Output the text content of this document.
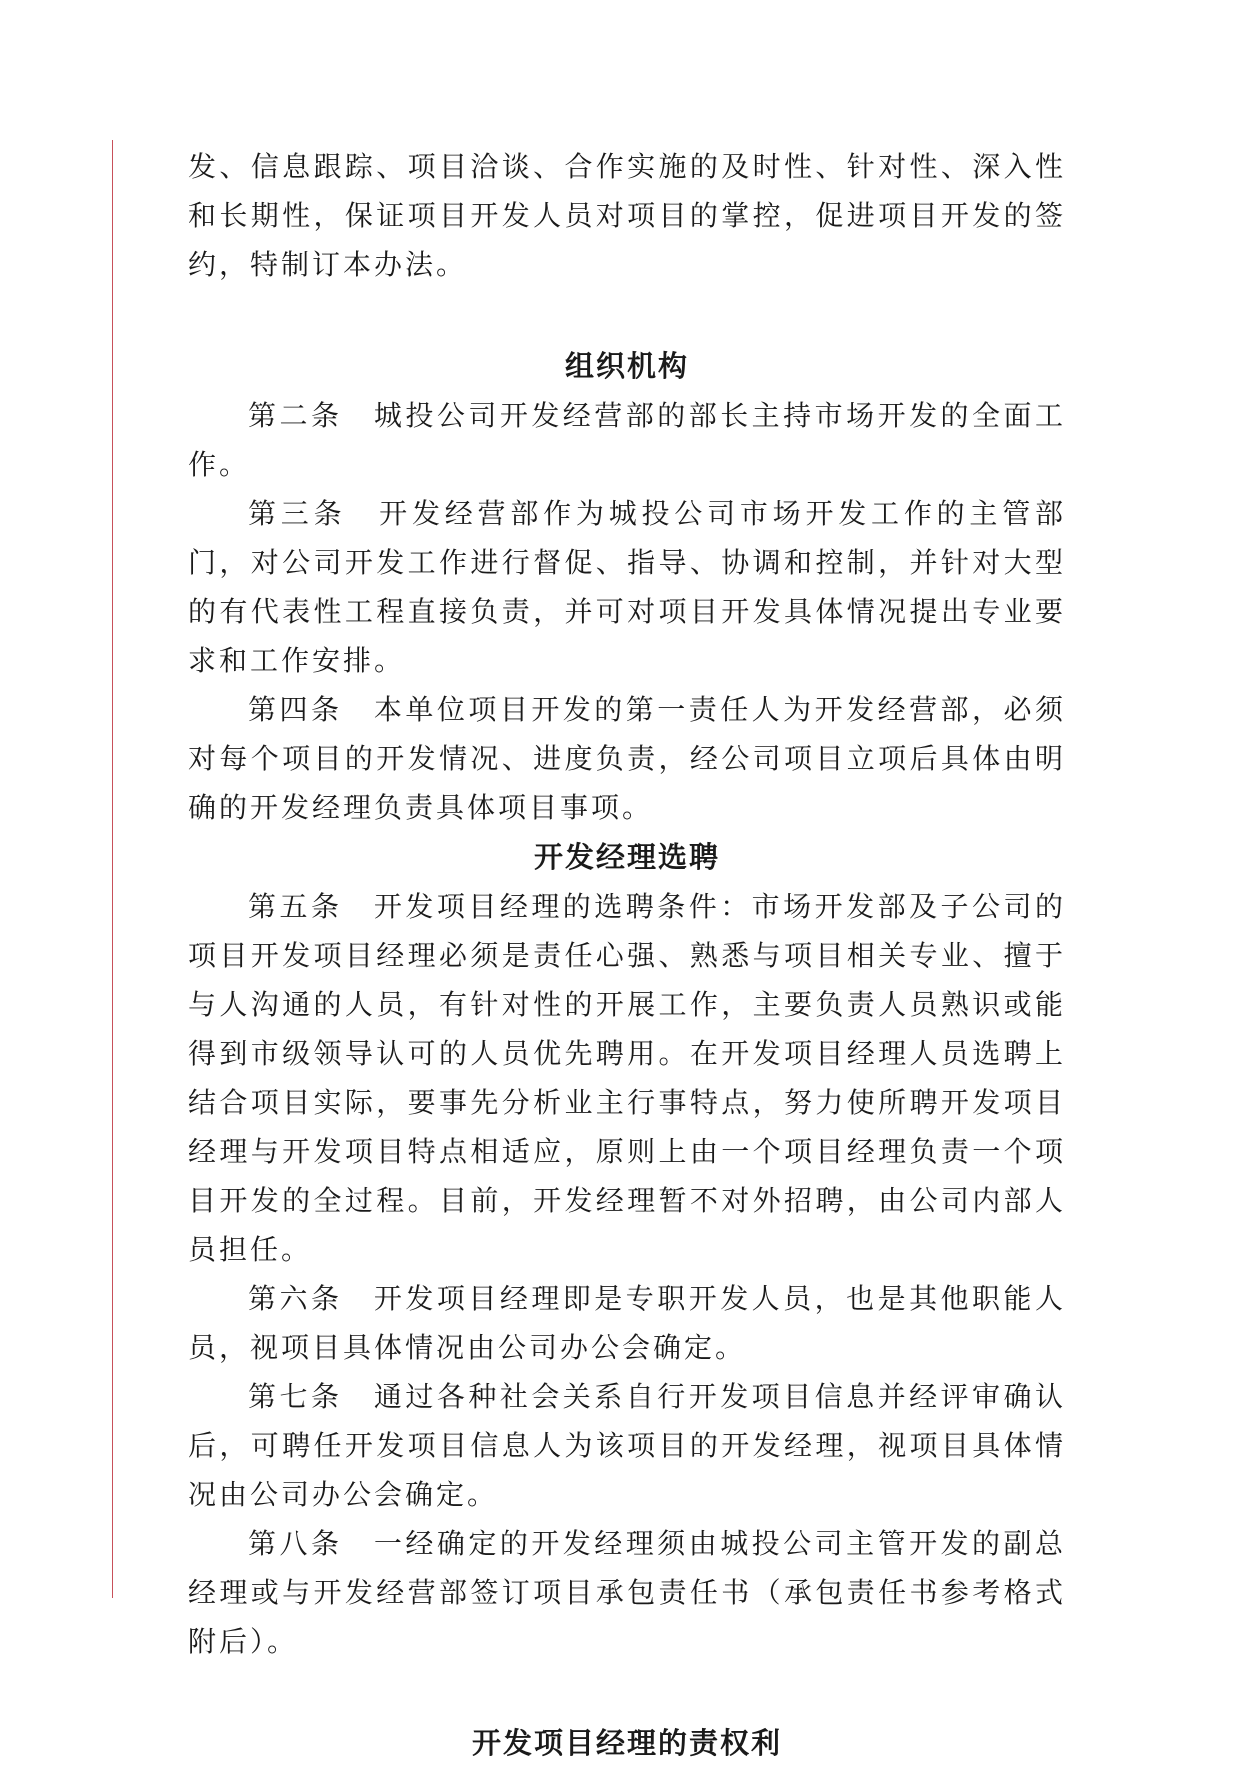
发、信息跟踪、项目洽谈、合作实施的及时性、针对性、深入性和长期性，保证项目开发人员对项目的掌控，促进项目开发的签约，特制订本办法。

组织机构

第二条　城投公司开发经营部的部长主持市场开发的全面工作。

第三条　开发经营部作为城投公司市场开发工作的主管部门，对公司开发工作进行督促、指导、协调和控制，并针对大型的有代表性工程直接负责，并可对项目开发具体情况提出专业要求和工作安排。

第四条　本单位项目开发的第一责任人为开发经营部，必须对每个项目的开发情况、进度负责，经公司项目立项后具体由明确的开发经理负责具体项目事项。

开发经理选聘

第五条　开发项目经理的选聘条件：市场开发部及子公司的项目开发项目经理必须是责任心强、熟悉与项目相关专业、擅于与人沟通的人员，有针对性的开展工作，主要负责人员熟识或能得到市级领导认可的人员优先聘用。在开发项目经理人员选聘上结合项目实际，要事先分析业主行事特点，努力使所聘开发项目经理与开发项目特点相适应，原则上由一个项目经理负责一个项目开发的全过程。目前，开发经理暂不对外招聘，由公司内部人员担任。

第六条　开发项目经理即是专职开发人员，也是其他职能人员，视项目具体情况由公司办公会确定。

第七条　通过各种社会关系自行开发项目信息并经评审确认后，可聘任开发项目信息人为该项目的开发经理，视项目具体情况由公司办公会确定。

第八条　一经确定的开发经理须由城投公司主管开发的副总经理或与开发经营部签订项目承包责任书（承包责任书参考格式附后）。

开发项目经理的责权利
